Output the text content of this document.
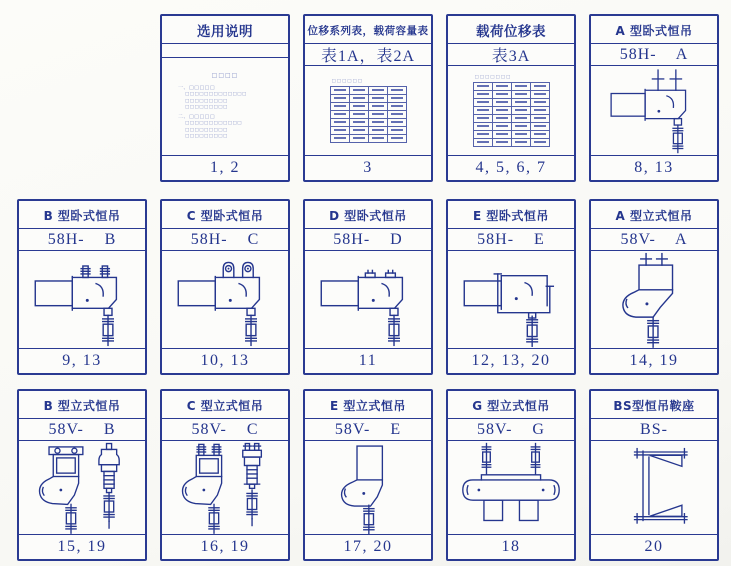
选用说明
□□□□
一、□□□□□
□□□□□□□□□□□□□
□□□□□□□□□
□□□□□□□□□
二、□□□□□
□□□□□□□□□□□□
□□□□□□□□□
□□□□□□□□□
1, 2
位移系列表，载荷容量表
表1A，表2A
□□□□□□

3
载荷位移表
表3A
□□□□□□□

4, 5, 6, 7
A 型卧式恒吊
58H-    A
8, 13
B 型卧式恒吊
58H-    B
9, 13
C 型卧式恒吊
58H-    C
10, 13
D 型卧式恒吊
58H-    D
11
E 型卧式恒吊
58H-    E
12, 13, 20
A 型立式恒吊
58V-    A
14, 19
B 型立式恒吊
58V-    B
15, 19
C 型立式恒吊
58V-    C
16, 19
E 型立式恒吊
58V-    E
17, 20
G 型立式恒吊
58V-    G
18
BS型恒吊鞍座
BS-
20
